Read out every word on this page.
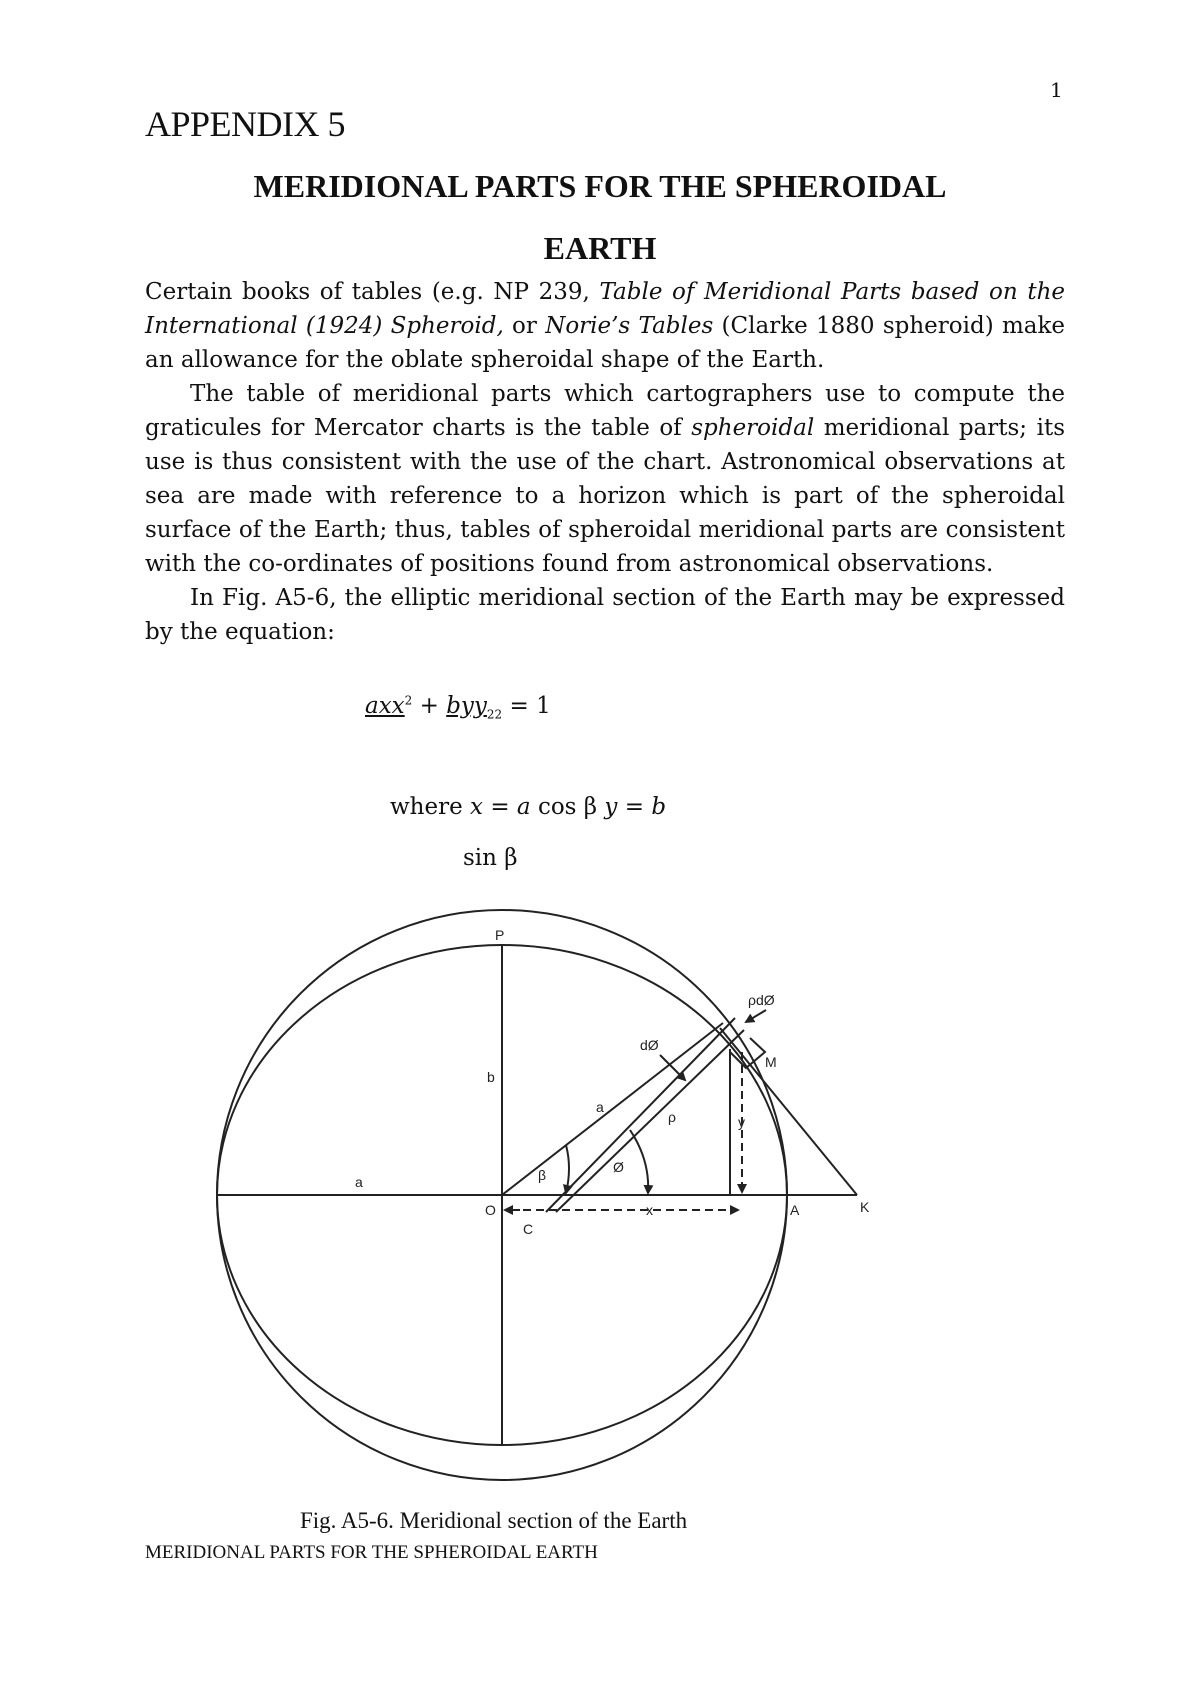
1
APPENDIX 5
MERIDIONAL PARTS FOR THE SPHEROIDAL
EARTH

Certain books of tables (e.g. NP 239, Table of Meridional Parts based on the International (1924) Spheroid, or Norie’s Tables (Clarke 1880 spheroid) make an allowance for the oblate spheroidal shape of the Earth.

The table of meridional parts which cartographers use to compute the graticules for Mercator charts is the table of spheroidal meridional parts; its use is thus consistent with the use of the chart. Astronomical observations at sea are made with reference to a horizon which is part of the spheroidal surface of the Earth; thus, tables of spheroidal meridional parts are consistent with the co-ordinates of positions found from astronomical observations.

In Fig. A5-6, the elliptic meridional section of the Earth may be expressed by the equation:

axx$^2$ + byy$_{22}$ = 1
where x = a cos β y = b
sin β
P
O	A	K
C
M
a
a
b
y
x
β	Ø
ρ
dØ
ρdØ
Fig. A5-6. Meridional section of the Earth
MERIDIONAL PARTS FOR THE SPHEROIDAL EARTH
